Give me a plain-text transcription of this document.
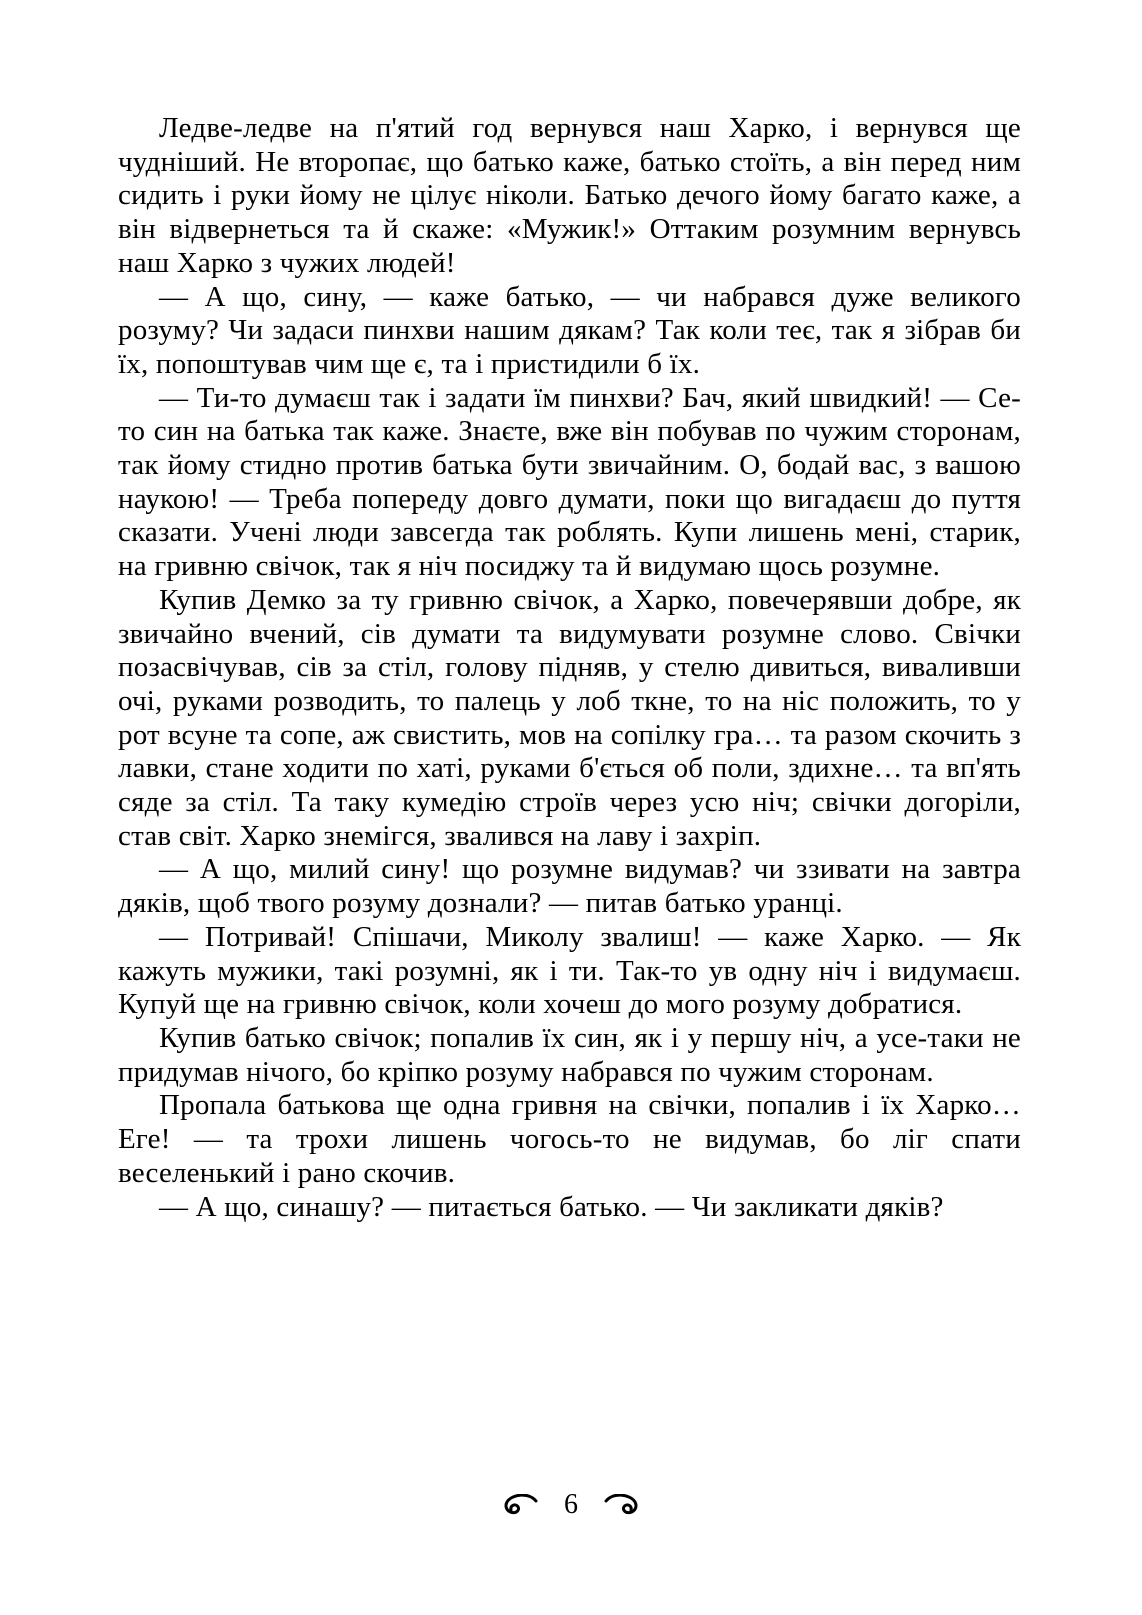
Ледве-ледве на п'ятий год вернувся наш Харко, і вернувся ще чудніший. Не второпає, що батько каже, батько стоїть, а він перед ним сидить і руки йому не цілує ніколи. Батько дечого йому багато каже, а він відвернеться та й скаже: «Мужик!» Оттаким розумним вернувсь наш Харко з чужих людей!

— А що, сину, — каже батько, — чи набрався дуже великого розуму? Чи задаси пинхви нашим дякам? Так коли теє, так я зібрав би їх, попоштував чим ще є, та і пристидили б їх.

— Ти-то думаєш так і задати їм пинхви? Бач, який швидкий! — Се-то син на батька так каже. Знаєте, вже він побував по чужим сторонам, так йому стидно против батька бути звичайним. О, бодай вас, з вашою наукою! — Треба попереду довго думати, поки що вигадаєш до пуття сказати. Учені люди завсегда так роблять. Купи лишень мені, старик, на гривню свічок, так я ніч посиджу та й видумаю щось розумне.

Купив Демко за ту гривню свічок, а Харко, повечерявши добре, як звичайно вчений, сів думати та видумувати розумне слово. Свічки позасвічував, сів за стіл, голову підняв, у стелю дивиться, виваливши очі, руками розводить, то палець у лоб ткне, то на ніс положить, то у рот всуне та сопе, аж свистить, мов на сопілку гра… та разом скочить з лавки, стане ходити по хаті, руками б'ється об поли, здихне… та вп'ять сяде за стіл. Та таку кумедію строїв через усю ніч; свічки догоріли, став світ. Харко знемігся, звалився на лаву і захріп.

— А що, милий сину! що розумне видумав? чи ззивати на завтра дяків, щоб твого розуму дознали? — питав батько уранці.

— Потривай! Спішачи, Миколу звалиш! — каже Харко. — Як кажуть мужики, такі розумні, як і ти. Так-то ув одну ніч і видумаєш. Купуй ще на гривню свічок, коли хочеш до мого розуму добратися.

Купив батько свічок; попалив їх син, як і у першу ніч, а усе-таки не придумав нічого, бо кріпко розуму набрався по чужим сторонам.

Пропала батькова ще одна гривня на свічки, попалив і їх Харко… Еге! — та трохи лишень чогось-то не видумав, бо ліг спати веселенький і рано скочив.

— А що, синашу? — питається батько. — Чи закликати дяків?

6
